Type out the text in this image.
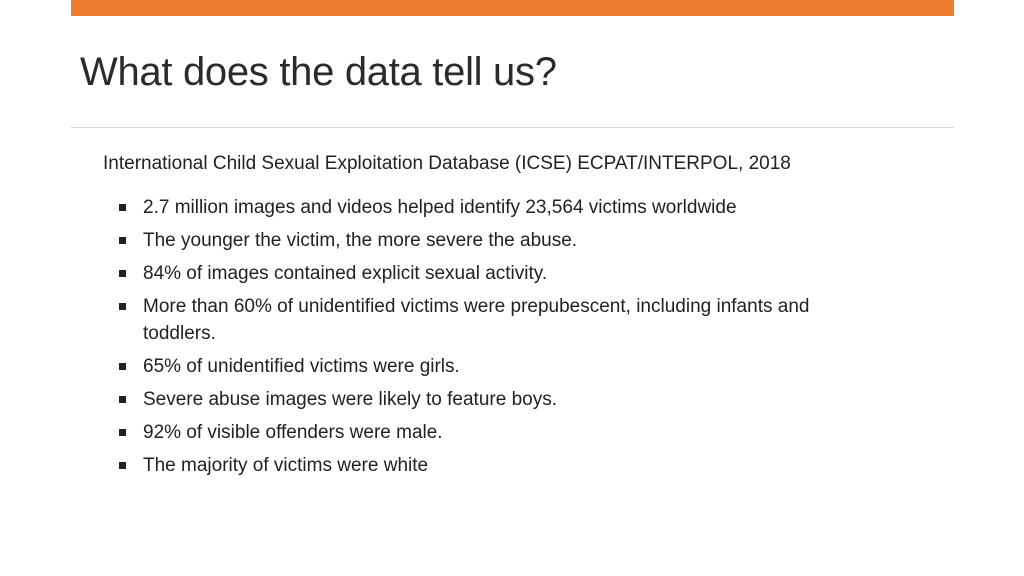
What does the data tell us?

International Child Sexual Exploitation Database (ICSE) ECPAT/INTERPOL, 2018

2.7 million images and videos helped identify 23,564 victims worldwide
The younger the victim, the more severe the abuse.
84% of images contained explicit sexual activity.
More than 60% of unidentified victims were prepubescent, including infants and toddlers.
65% of unidentified victims were girls.
Severe abuse images were likely to feature boys.
92% of visible offenders were male.
The majority of victims were white
